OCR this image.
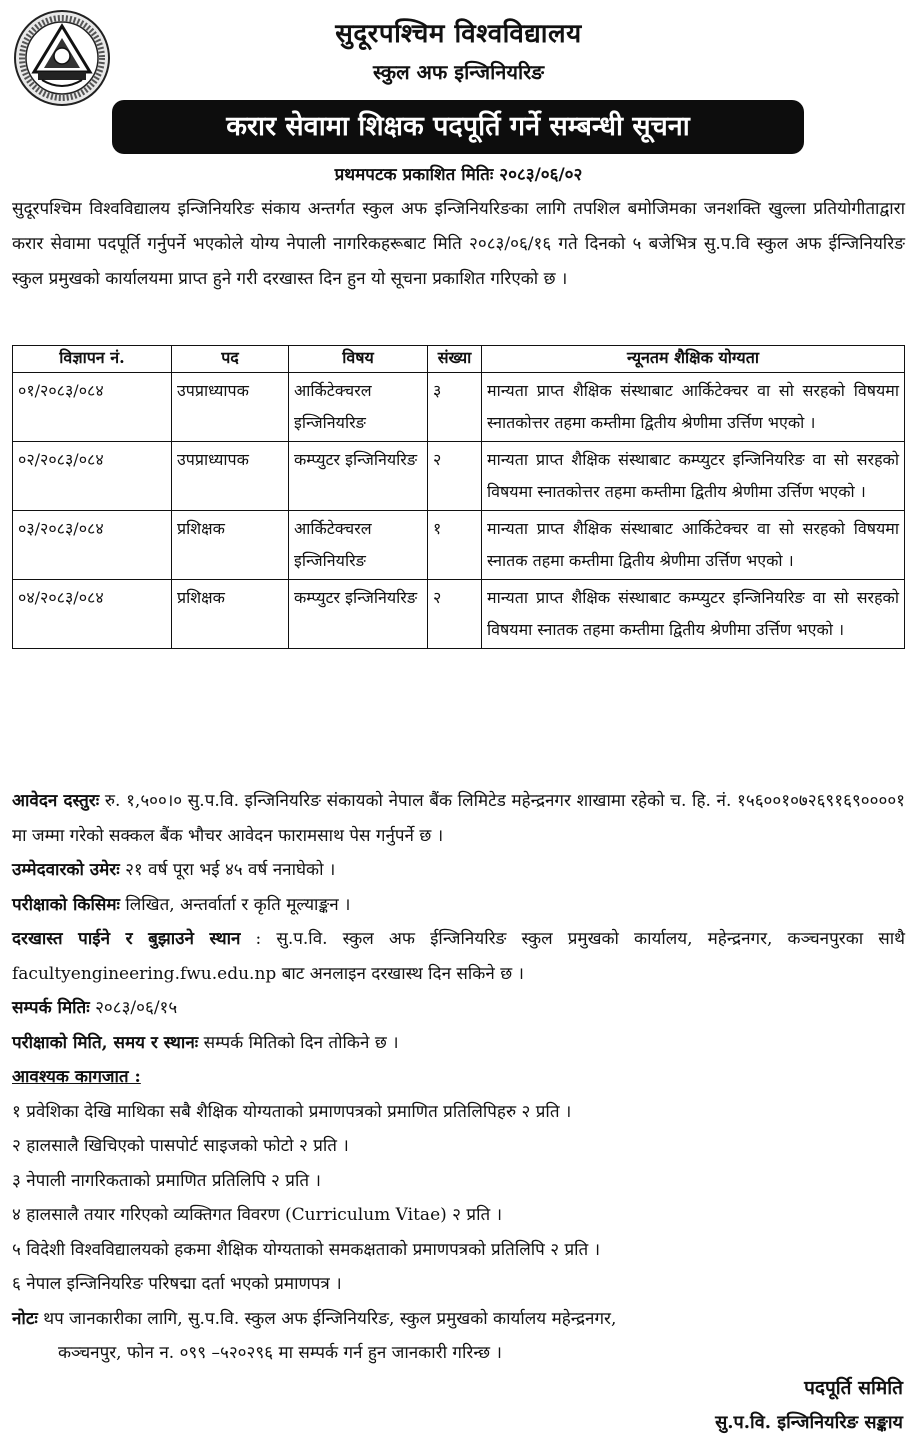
सुदूरपश्चिम विश्वविद्यालय
स्कुल अफ इन्जिनियरिङ
करार सेवामा शिक्षक पदपूर्ति गर्ने सम्बन्धी सूचना
प्रथमपटक प्रकाशित मितिः २०८३/०६/०२
सुदूरपश्चिम विश्वविद्यालय इन्जिनियरिङ संकाय अन्तर्गत स्कुल अफ इन्जिनियरिङका लागि तपशिल बमोजिमका जनशक्ति खुल्ला प्रतियोगीताद्वारा करार सेवामा पदपूर्ति गर्नुपर्ने भएकोले योग्य नेपाली नागरिकहरूबाट मिति २०८३/०६/१६ गते दिनको ५ बजेभित्र सु.प.वि स्कुल अफ ईन्जिनियरिङ स्कुल प्रमुखको कार्यालयमा प्राप्त हुने गरी दरखास्त दिन हुन यो सूचना प्रकाशित गरिएको छ ।
विज्ञापन नं.	पद	विषय	संख्या	न्यूनतम शैक्षिक योग्यता
०१/२०८३/०८४	उपप्राध्यापक	आर्किटेक्चरल इन्जिनियरिङ	३	मान्यता प्राप्त शैक्षिक संस्थाबाट आर्किटेक्चर वा सो सरहको विषयमा स्नातकोत्तर तहमा कम्तीमा द्वितीय श्रेणीमा उर्त्तिण भएको ।
०२/२०८३/०८४	उपप्राध्यापक	कम्प्युटर इन्जिनियरिङ	२	मान्यता प्राप्त शैक्षिक संस्थाबाट कम्प्युटर इन्जिनियरिङ वा सो सरहको विषयमा स्नातकोत्तर तहमा कम्तीमा द्वितीय श्रेणीमा उर्त्तिण भएको ।
०३/२०८३/०८४	प्रशिक्षक	आर्किटेक्चरल इन्जिनियरिङ	१	मान्यता प्राप्त शैक्षिक संस्थाबाट आर्किटेक्चर वा सो सरहको विषयमा स्नातक तहमा कम्तीमा द्वितीय श्रेणीमा उर्त्तिण भएको ।
०४/२०८३/०८४	प्रशिक्षक	कम्प्युटर इन्जिनियरिङ	२	मान्यता प्राप्त शैक्षिक संस्थाबाट कम्प्युटर इन्जिनियरिङ वा सो सरहको विषयमा स्नातक तहमा कम्तीमा द्वितीय श्रेणीमा उर्त्तिण भएको ।

आवेदन दस्तुरः रु. १,५००।० सु.प.वि. इन्जिनियरिङ संकायको नेपाल बैंक लिमिटेड महेन्द्रनगर शाखामा रहेको च. हि. नं. १५६००१०७२६९१६९००००१ मा जम्मा गरेको सक्कल बैंक भौचर आवेदन फारामसाथ पेस गर्नुपर्ने छ ।

उम्मेदवारको उमेरः २१ वर्ष पूरा भई ४५ वर्ष ननाघेको ।

परीक्षाको किसिमः लिखित, अन्तर्वार्ता र कृति मूल्याङ्कन ।

दरखास्त पाईने र बुझाउने स्थान : सु.प.वि. स्कुल अफ ईन्जिनियरिङ स्कुल प्रमुखको कार्यालय, महेन्द्रनगर, कञ्चनपुरका साथै facultyengineering.fwu.edu.np बाट अनलाइन दरखास्थ दिन सकिने छ ।

सम्पर्क मितिः २०८३/०६/१५

परीक्षाको मिति, समय र स्थानः सम्पर्क मितिको दिन तोकिने छ ।

आवश्यक कागजात :

१ प्रवेशिका देखि माथिका सबै शैक्षिक योग्यताको प्रमाणपत्रको प्रमाणित प्रतिलिपिहरु २ प्रति ।

२ हालसालै खिचिएको पासपोर्ट साइजको फोटो २ प्रति ।

३ नेपाली नागरिकताको प्रमाणित प्रतिलिपि २ प्रति ।

४ हालसालै तयार गरिएको व्यक्तिगत विवरण (Curriculum Vitae) २ प्रति ।

५ विदेशी विश्वविद्यालयको हकमा शैक्षिक योग्यताको समकक्षताको प्रमाणपत्रको प्रतिलिपि २ प्रति ।

६ नेपाल इन्जिनियरिङ परिषद्मा दर्ता भएको प्रमाणपत्र ।

नोटः थप जानकारीका लागि, सु.प.वि. स्कुल अफ ईन्जिनियरिङ, स्कुल प्रमुखको कार्यालय महेन्द्रनगर,

कञ्चनपुर, फोन न. ०९९ –५२०२९६ मा सम्पर्क गर्न हुन जानकारी गरिन्छ ।

पदपूर्ति समिति
सु.प.वि. इन्जिनियरिङ सङ्काय
